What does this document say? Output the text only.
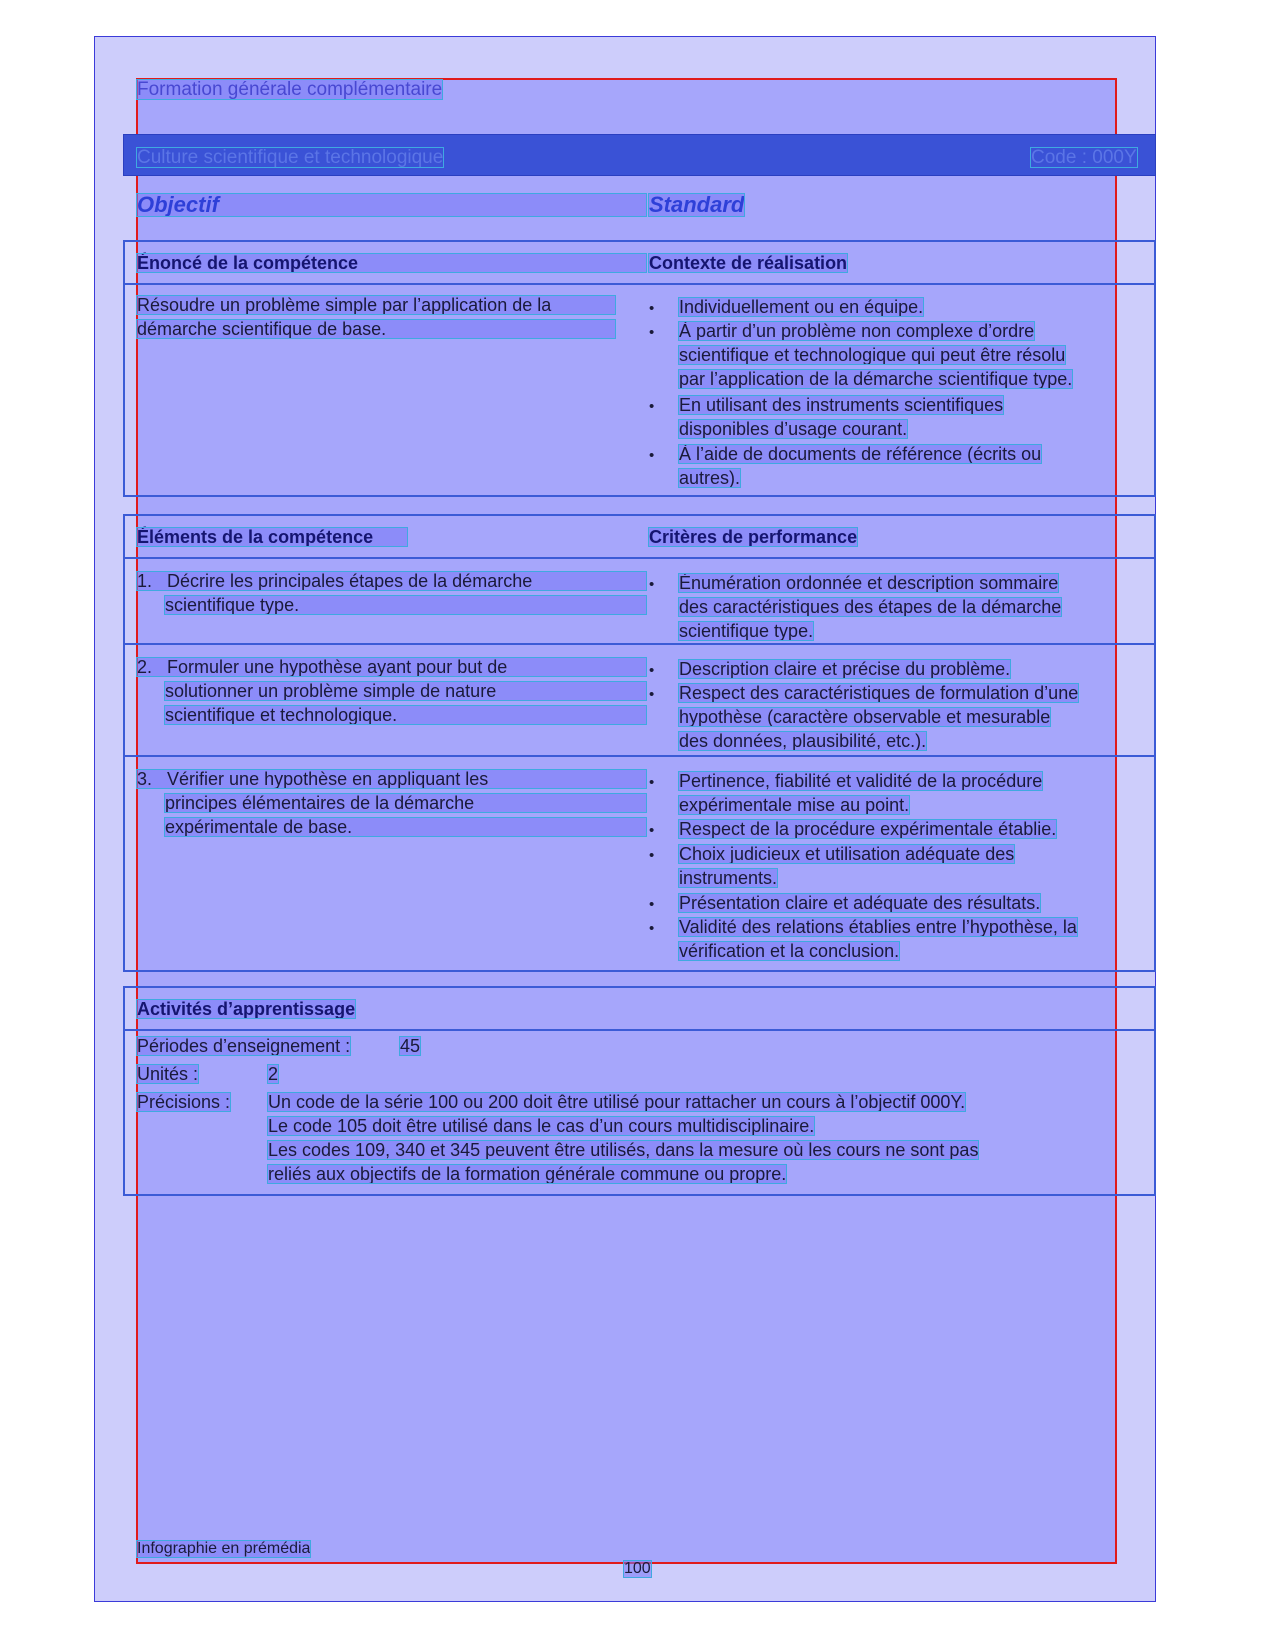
Formation générale complémentaire
Culture scientifique et technologique	Code : 000Y
Objectif	Standard
Énoncé de la compétence	Contexte de réalisation
Résoudre un problème simple par l’application de la
démarche scientifique de base.
• Individuellement ou en équipe.
• À partir d’un problème non complexe d’ordre
scientifique et technologique qui peut être résolu
par l’application de la démarche scientifique type.
• En utilisant des instruments scientifiques
disponibles d’usage courant.
• À l’aide de documents de référence (écrits ou
autres).
Éléments de la compétence	Critères de performance
1. Décrire les principales étapes de la démarche
scientifique type.
• Énumération ordonnée et description sommaire
des caractéristiques des étapes de la démarche
scientifique type.
2. Formuler une hypothèse ayant pour but de
solutionner un problème simple de nature
scientifique et technologique.
• Description claire et précise du problème.
• Respect des caractéristiques de formulation d’une
hypothèse (caractère observable et mesurable
des données, plausibilité, etc.).
3. Vérifier une hypothèse en appliquant les
principes élémentaires de la démarche
expérimentale de base.
• Pertinence, fiabilité et validité de la procédure
expérimentale mise au point.
• Respect de la procédure expérimentale établie.
• Choix judicieux et utilisation adéquate des
instruments.
• Présentation claire et adéquate des résultats.
• Validité des relations établies entre l’hypothèse, la
vérification et la conclusion.
Activités d’apprentissage
Périodes d’enseignement :	45
Unités :	2
Précisions : Un code de la série 100 ou 200 doit être utilisé pour rattacher un cours à l’objectif 000Y.
Le code 105 doit être utilisé dans le cas d’un cours multidisciplinaire.
Les codes 109, 340 et 345 peuvent être utilisés, dans la mesure où les cours ne sont pas
reliés aux objectifs de la formation générale commune ou propre.
Infographie en prémédia
100
